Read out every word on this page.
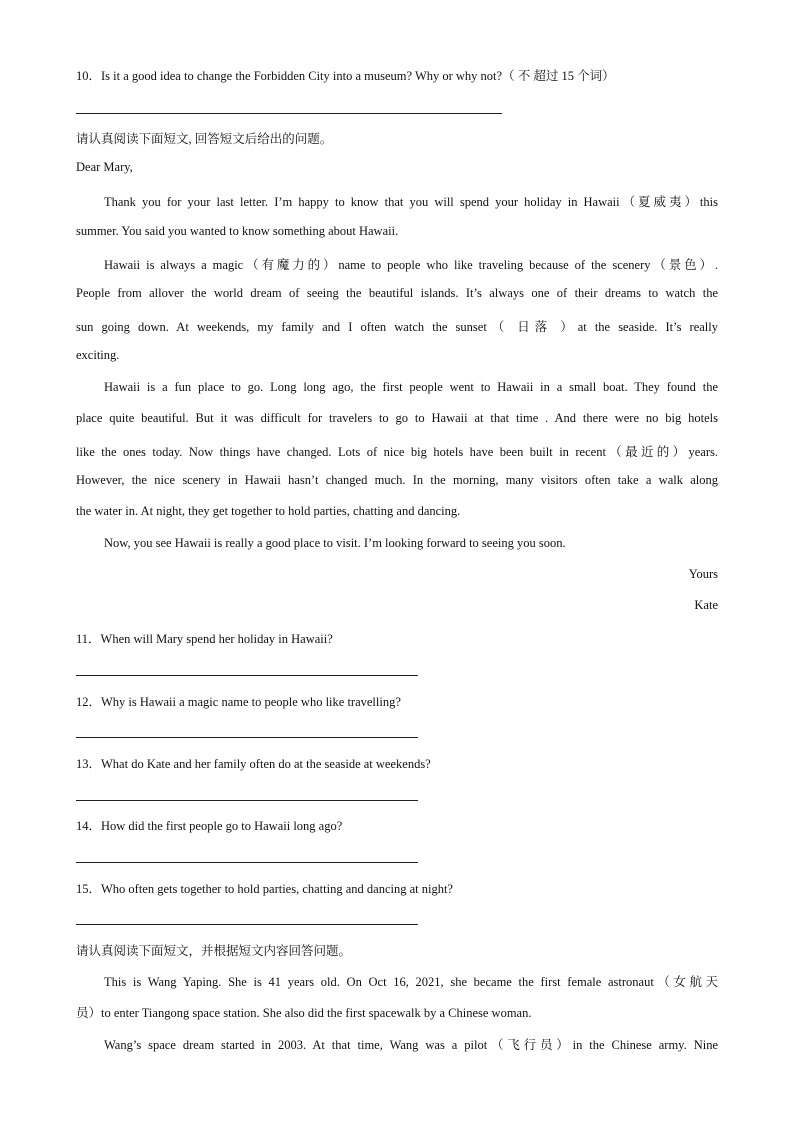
10．Is it a good idea to change the Forbidden City into a museum? Why or why not?（ 不 超过 15 个词）
请认真阅读下面短文, 回答短文后给出的问题。
Dear Mary,
Thank you for your last letter. I’m happy to know that you will spend your holiday in Hawaii（夏威夷）this
summer. You said you wanted to know something about Hawaii.
Hawaii is always a magic（有魔力的）name to people who like traveling because of the scenery（景色）.
People from allover the world dream of seeing the beautiful islands. It’s always one of their dreams to watch the
sun going down. At weekends, my family and I often watch the sunset（ 日落 ）at the seaside. It’s really
exciting.
Hawaii is a fun place to go. Long long ago, the first people went to Hawaii in a small boat. They found the
place quite beautiful. But it was difficult for travelers to go to Hawaii at that time . And there were no big hotels
like the ones today. Now things have changed. Lots of nice big hotels have been built in recent（最近的）years.
However, the nice scenery in Hawaii hasn’t changed much. In the morning, many visitors often take a walk along
the water in. At night, they get together to hold parties, chatting and dancing.
Now, you see Hawaii is really a good place to visit. I’m looking forward to seeing you soon.
Yours
Kate
11．When will Mary spend her holiday in Hawaii?
12．Why is Hawaii a magic name to people who like travelling?
13．What do Kate and her family often do at the seaside at weekends?
14．How did the first people go to Hawaii long ago?
15．Who often gets together to hold parties, chatting and dancing at night?
请认真阅读下面短文，并根据短文内容回答问题。
This is Wang Yaping. She is 41 years old. On Oct 16, 2021, she became the first female astronaut（女航天
员）to enter Tiangong space station. She also did the first spacewalk by a Chinese woman.
Wang’s space dream started in 2003. At that time, Wang was a pilot（飞行员）in the Chinese army. Nine
